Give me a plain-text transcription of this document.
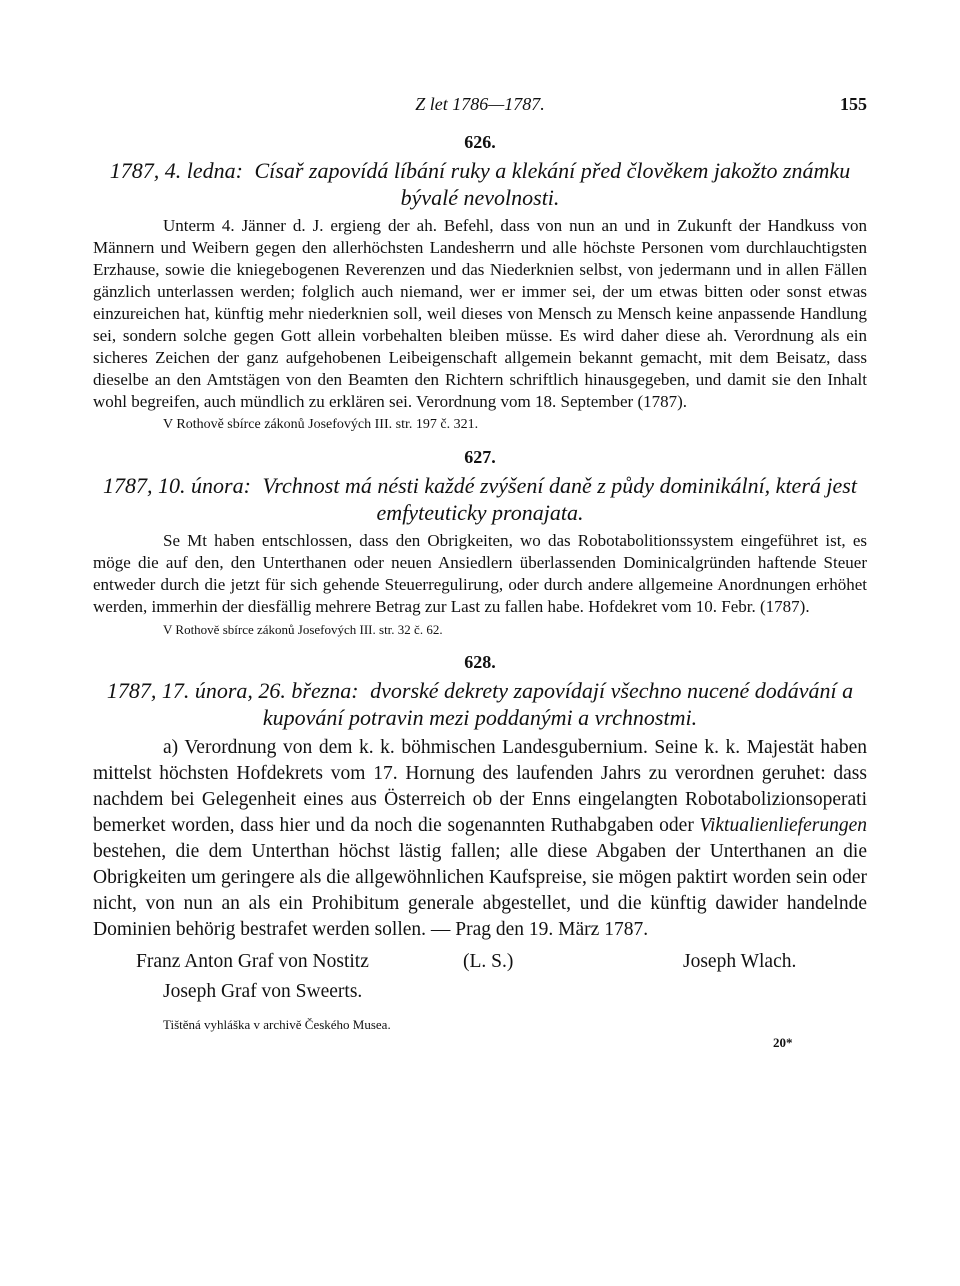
Z let 1786—1787.	155
626.
1787, 4. ledna: Císař zapovídá líbání ruky a klekání před člověkem jakožto známku bývalé nevolnosti.

Unterm 4. Jänner d. J. ergieng der ah. Befehl, dass von nun an und in Zukunft der Handkuss von Männern und Weibern gegen den allerhöchsten Landesherrn und alle höchste Personen vom durchlauchtigsten Erzhause, sowie die kniegebogenen Reverenzen und das Niederknien selbst, von jedermann und in allen Fällen gänzlich unterlassen werden; folglich auch niemand, wer er immer sei, der um etwas bitten oder sonst etwas einzureichen hat, künftig mehr niederknien soll, weil dieses von Mensch zu Mensch keine anpassende Handlung sei, sondern solche gegen Gott allein vorbehalten bleiben müsse. Es wird daher diese ah. Verordnung als ein sicheres Zeichen der ganz aufgehobenen Leibeigenschaft allgemein bekannt gemacht, mit dem Beisatz, dass dieselbe an den Amtstägen von den Beamten den Richtern schriftlich hinausgegeben, und damit sie den Inhalt wohl begreifen, auch mündlich zu erklären sei. Verordnung vom 18. September (1787).

V Rothově sbírce zákonů Josefových III. str. 197 č. 321.
627.
1787, 10. února: Vrchnost má nésti každé zvýšení daně z půdy dominikální, která jest emfyteuticky pronajata.

Se Mt haben entschlossen, dass den Obrigkeiten, wo das Robotabolitionssystem eingeführet ist, es möge die auf den, den Unterthanen oder neuen Ansiedlern überlassenden Dominicalgründen haftende Steuer entweder durch die jetzt für sich gehende Steuerregulirung, oder durch andere allgemeine Anordnungen erhöhet werden, immerhin der diesfällig mehrere Betrag zur Last zu fallen habe. Hofdekret vom 10. Febr. (1787).

V Rothově sbírce zákonů Josefových III. str. 32 č. 62.
628.
1787, 17. února, 26. března: dvorské dekrety zapovídají všechno nucené dodávání a kupování potravin mezi poddanými a vrchnostmi.

a) Verordnung von dem k. k. böhmischen Landesgubernium. Seine k. k. Majestät haben mittelst höchsten Hofdekrets vom 17. Hornung des laufenden Jahrs zu verordnen geruhet: dass nachdem bei Gelegenheit eines aus Österreich ob der Enns eingelangten Robotabolizionsoperati bemerket worden, dass hier und da noch die sogenannten Ruthabgaben oder Viktualienlieferungen bestehen, die dem Unterthan höchst lästig fallen; alle diese Abgaben der Unterthanen an die Obrigkeiten um geringere als die allgewöhnlichen Kaufspreise, sie mögen paktirt worden sein oder nicht, von nun an als ein Prohibitum generale abgestellet, und die künftig dawider handelnde Dominien behörig bestrafet werden sollen. — Prag den 19. März 1787.

Franz Anton Graf von Nostitz	(L. S.)	Joseph Wlach.
Joseph Graf von Sweerts.
Tištěná vyhláška v archivě Českého Musea.
20*
